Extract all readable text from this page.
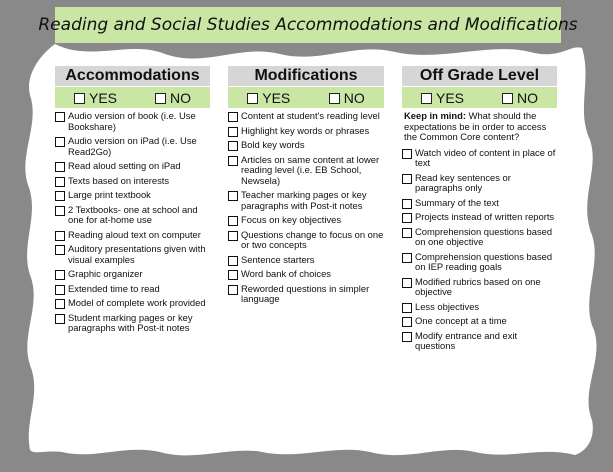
Reading and Social Studies Accommodations and Modifications
Accommodations
YES	NO
Audio version of book (i.e. Use Bookshare)
Audio version on iPad (i.e. Use Read2Go)
Read aloud setting on iPad
Texts based on interests
Large print textbook
2 Textbooks- one at school and one for at-home use
Reading aloud text on computer
Auditory presentations given with visual examples
Graphic organizer
Extended time to read
Model of complete work provided
Student marking pages or key paragraphs with Post-it notes
Modifications
YES	NO
Content at student's reading level
Highlight key words or phrases
Bold key words
Articles on same content at lower reading level (i.e. EB School, Newsela)
Teacher marking pages or key paragraphs with Post-it notes
Focus on key objectives
Questions change to focus on one or two concepts
Sentence starters
Word bank of choices
Reworded questions in simpler language
Off Grade Level
YES	NO
Keep in mind: What should the expectations be in order to access the Common Core content?
Watch video of content in place of text
Read key sentences or paragraphs only
Summary of the text
Projects instead of written reports
Comprehension questions based on one objective
Comprehension questions based on IEP reading goals
Modified rubrics based on one objective
Less objectives
One concept at a time
Modify entrance and exit questions
